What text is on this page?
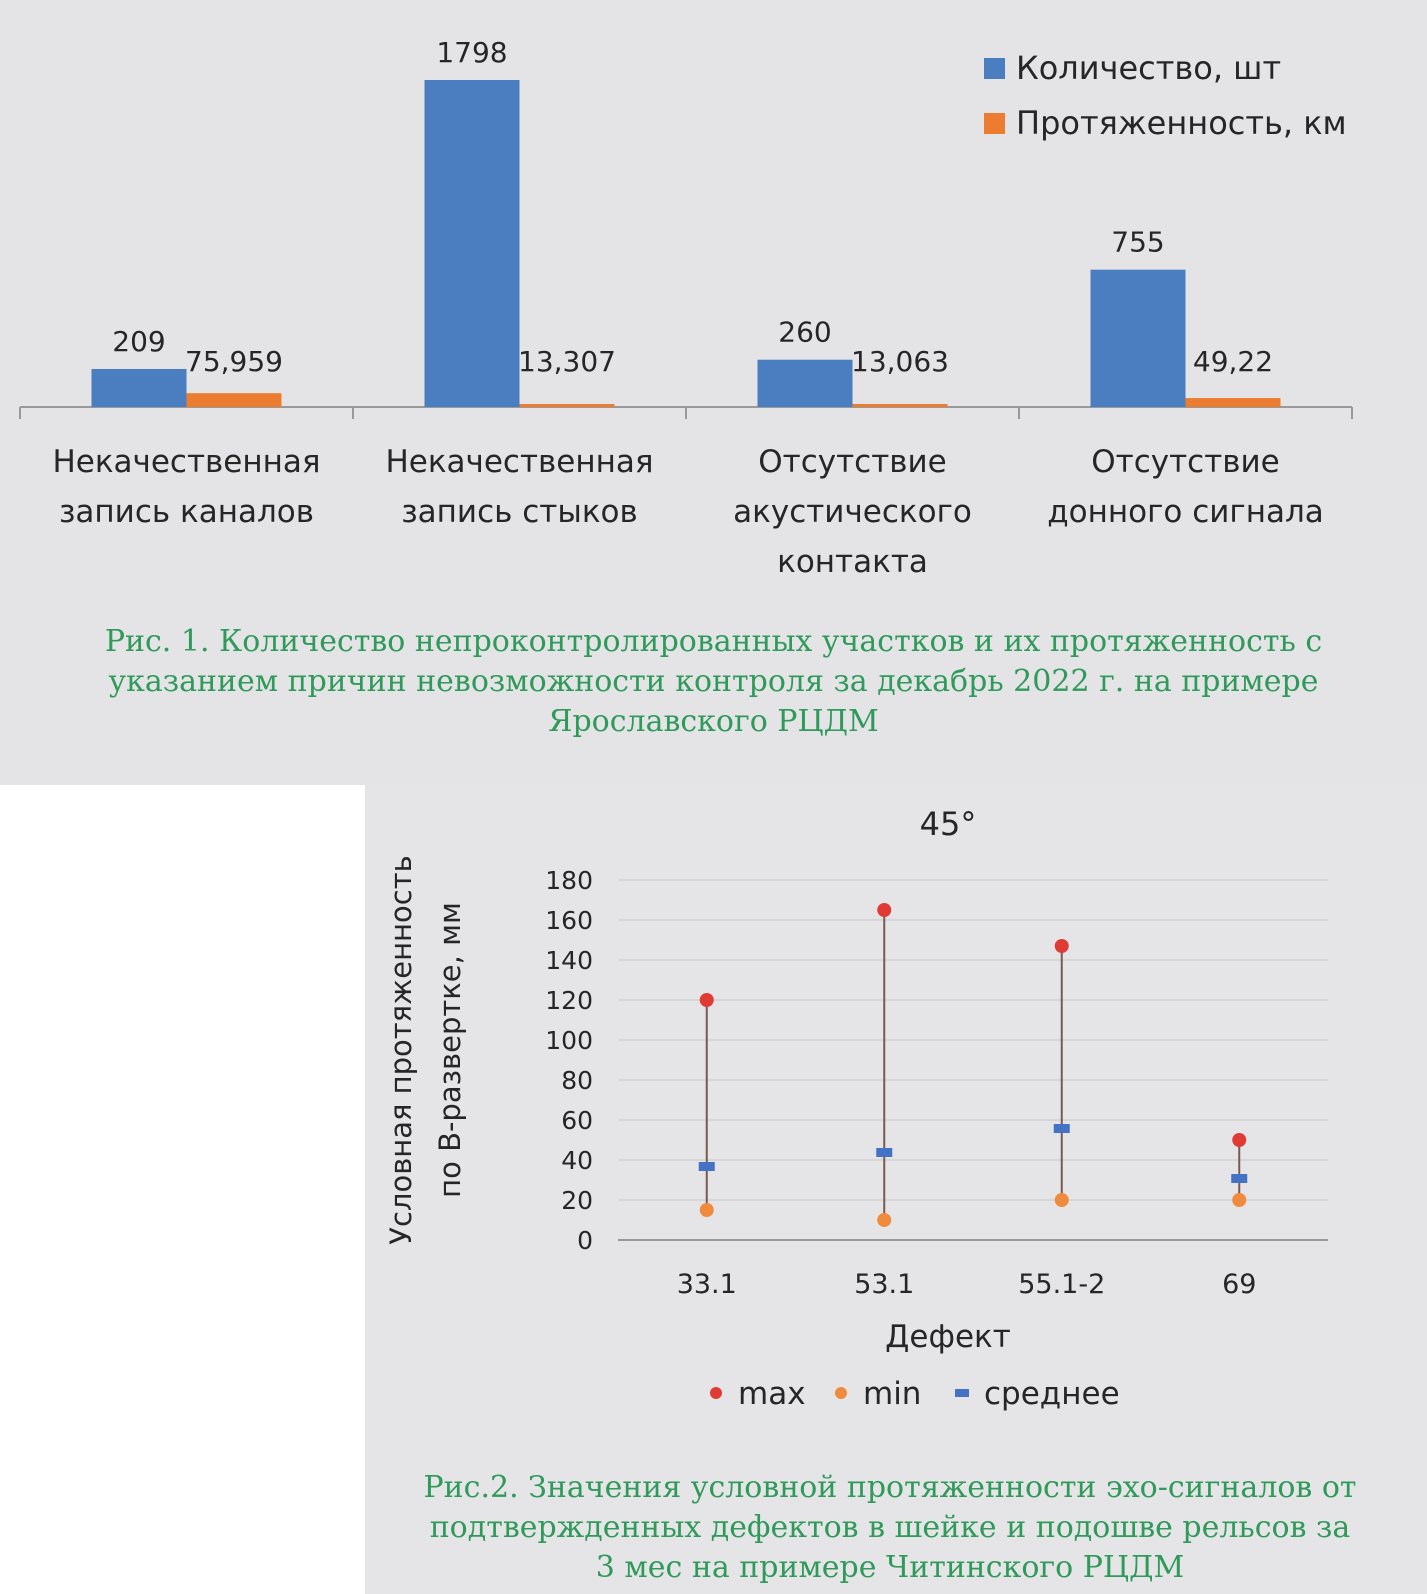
209
75,959
Некачественная
запись каналов
1798
13,307
Некачественная
запись стыков
260
13,063
Отсутствие
акустического
контакта
755
49,22
Отсутствие
донного сигнала
Количество, шт
Протяженность, км
45°
0
20
40
60
80
100
120
140
160
180
Условная протяженность по В-развертке, мм
33.1	53.1	55.1-2	69
Дефект
max min среднее
Рис. 1. Количество непроконтролированных участков и их протяженность с
указанием причин невозможности контроля за декабрь 2022 г. на примере
Ярославского РЦДМ
Рис.2. Значения условной протяженности эхо-сигналов от
подтвержденных дефектов в шейке и подошве рельсов за
3 мес на примере Читинского РЦДМ
